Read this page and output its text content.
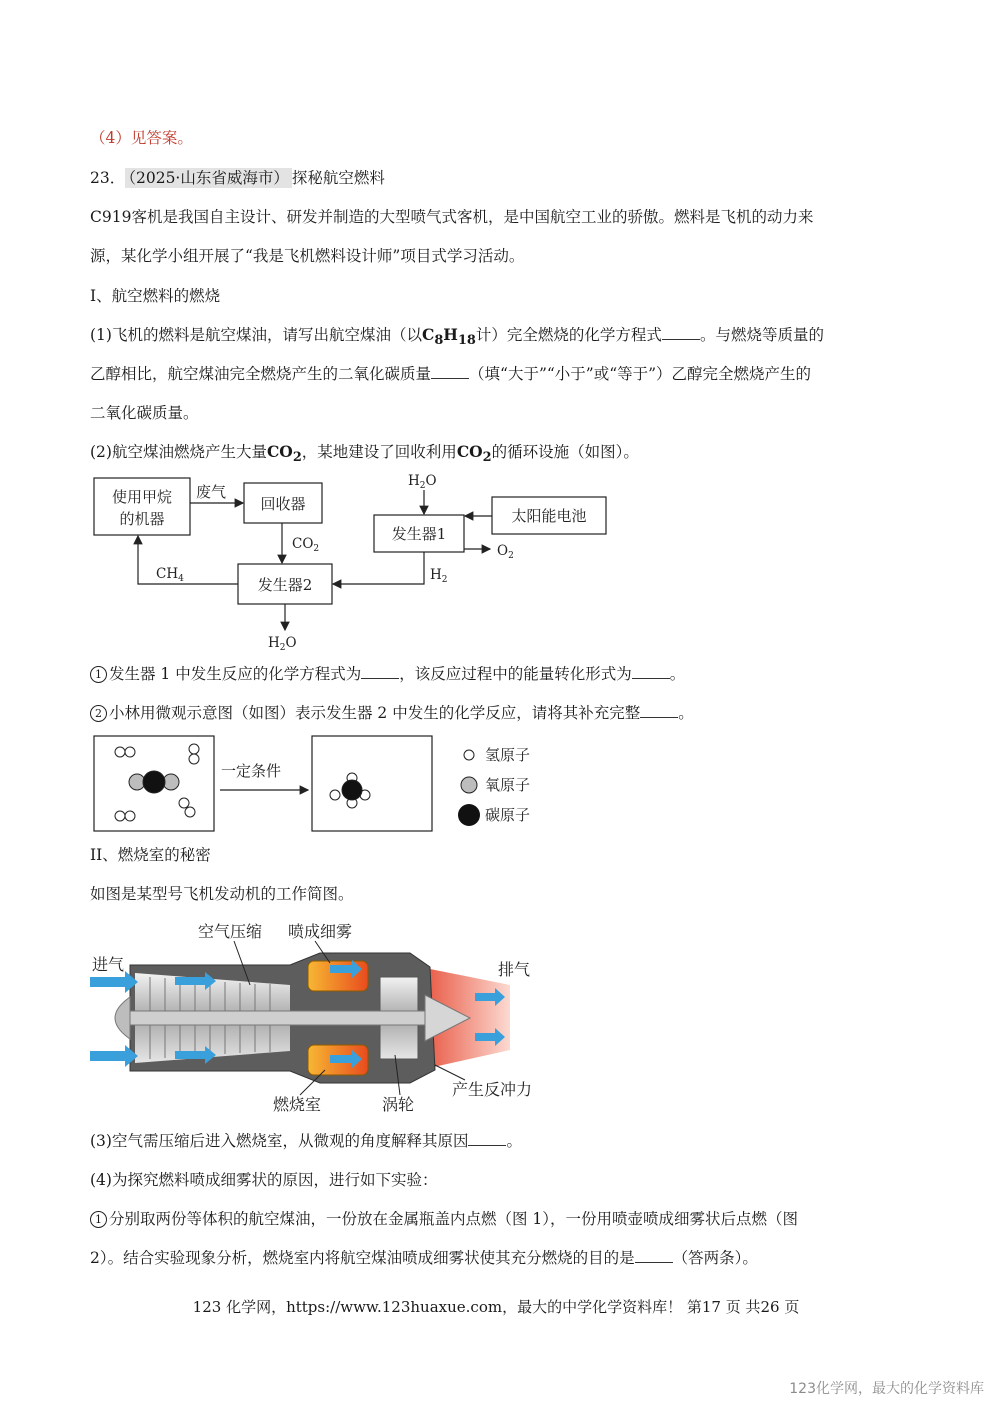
（4）见答案。
23． （2025·山东省威海市） 探秘航空燃料
C919客机是我国自主设计、研发并制造的大型喷气式客机，是中国航空工业的骄傲。燃料是飞机的动力来
源，某化学小组开展了“我是飞机燃料设计师”项目式学习活动。
I、航空燃料的燃烧
(1)飞机的燃料是航空煤油，请写出航空煤油（以$C_8H_{18}$计）完全燃烧的化学方程式 。与燃烧等质量的
乙醇相比，航空煤油完全燃烧产生的二氧化碳质量 （填“大于”“小于”或“等于”）乙醇完全燃烧产生的
二氧化碳质量。
(2)航空煤油燃烧产生大量$CO_2$，某地建设了回收利用$CO_2$的循环设施（如图）。
使用甲烷
的机器
废气
回收器
发生器2
发生器1
太阳能电池
$CO_2$
$CH_4$
$H_2O$
$H_2O$
$O_2$
$H_2$
1 发生器 1 中发生反应的化学方程式为 ，该反应过程中的能量转化形式为 。
2 小林用微观示意图（如图）表示发生器 2 中发生的化学反应，请将其补充完整 。
一定条件
氢原子
氧原子
碳原子
II、燃烧室的秘密
如图是某型号飞机发动机的工作简图。
空气压缩 喷成细雾
进气	排气
燃烧室	涡轮
产生反冲力
(3)空气需压缩后进入燃烧室，从微观的角度解释其原因 。
(4)为探究燃料喷成细雾状的原因，进行如下实验：
1 分别取两份等体积的航空煤油，一份放在金属瓶盖内点燃（图 1），一份用喷壶喷成细雾状后点燃（图
2）。结合实验现象分析，燃烧室内将航空煤油喷成细雾状使其充分燃烧的目的是 （答两条）。
123 化学网，https://www.123huaxue.com，最大的中学化学资料库！ 第17 页 共26 页
123化学网，最大的化学资料库
